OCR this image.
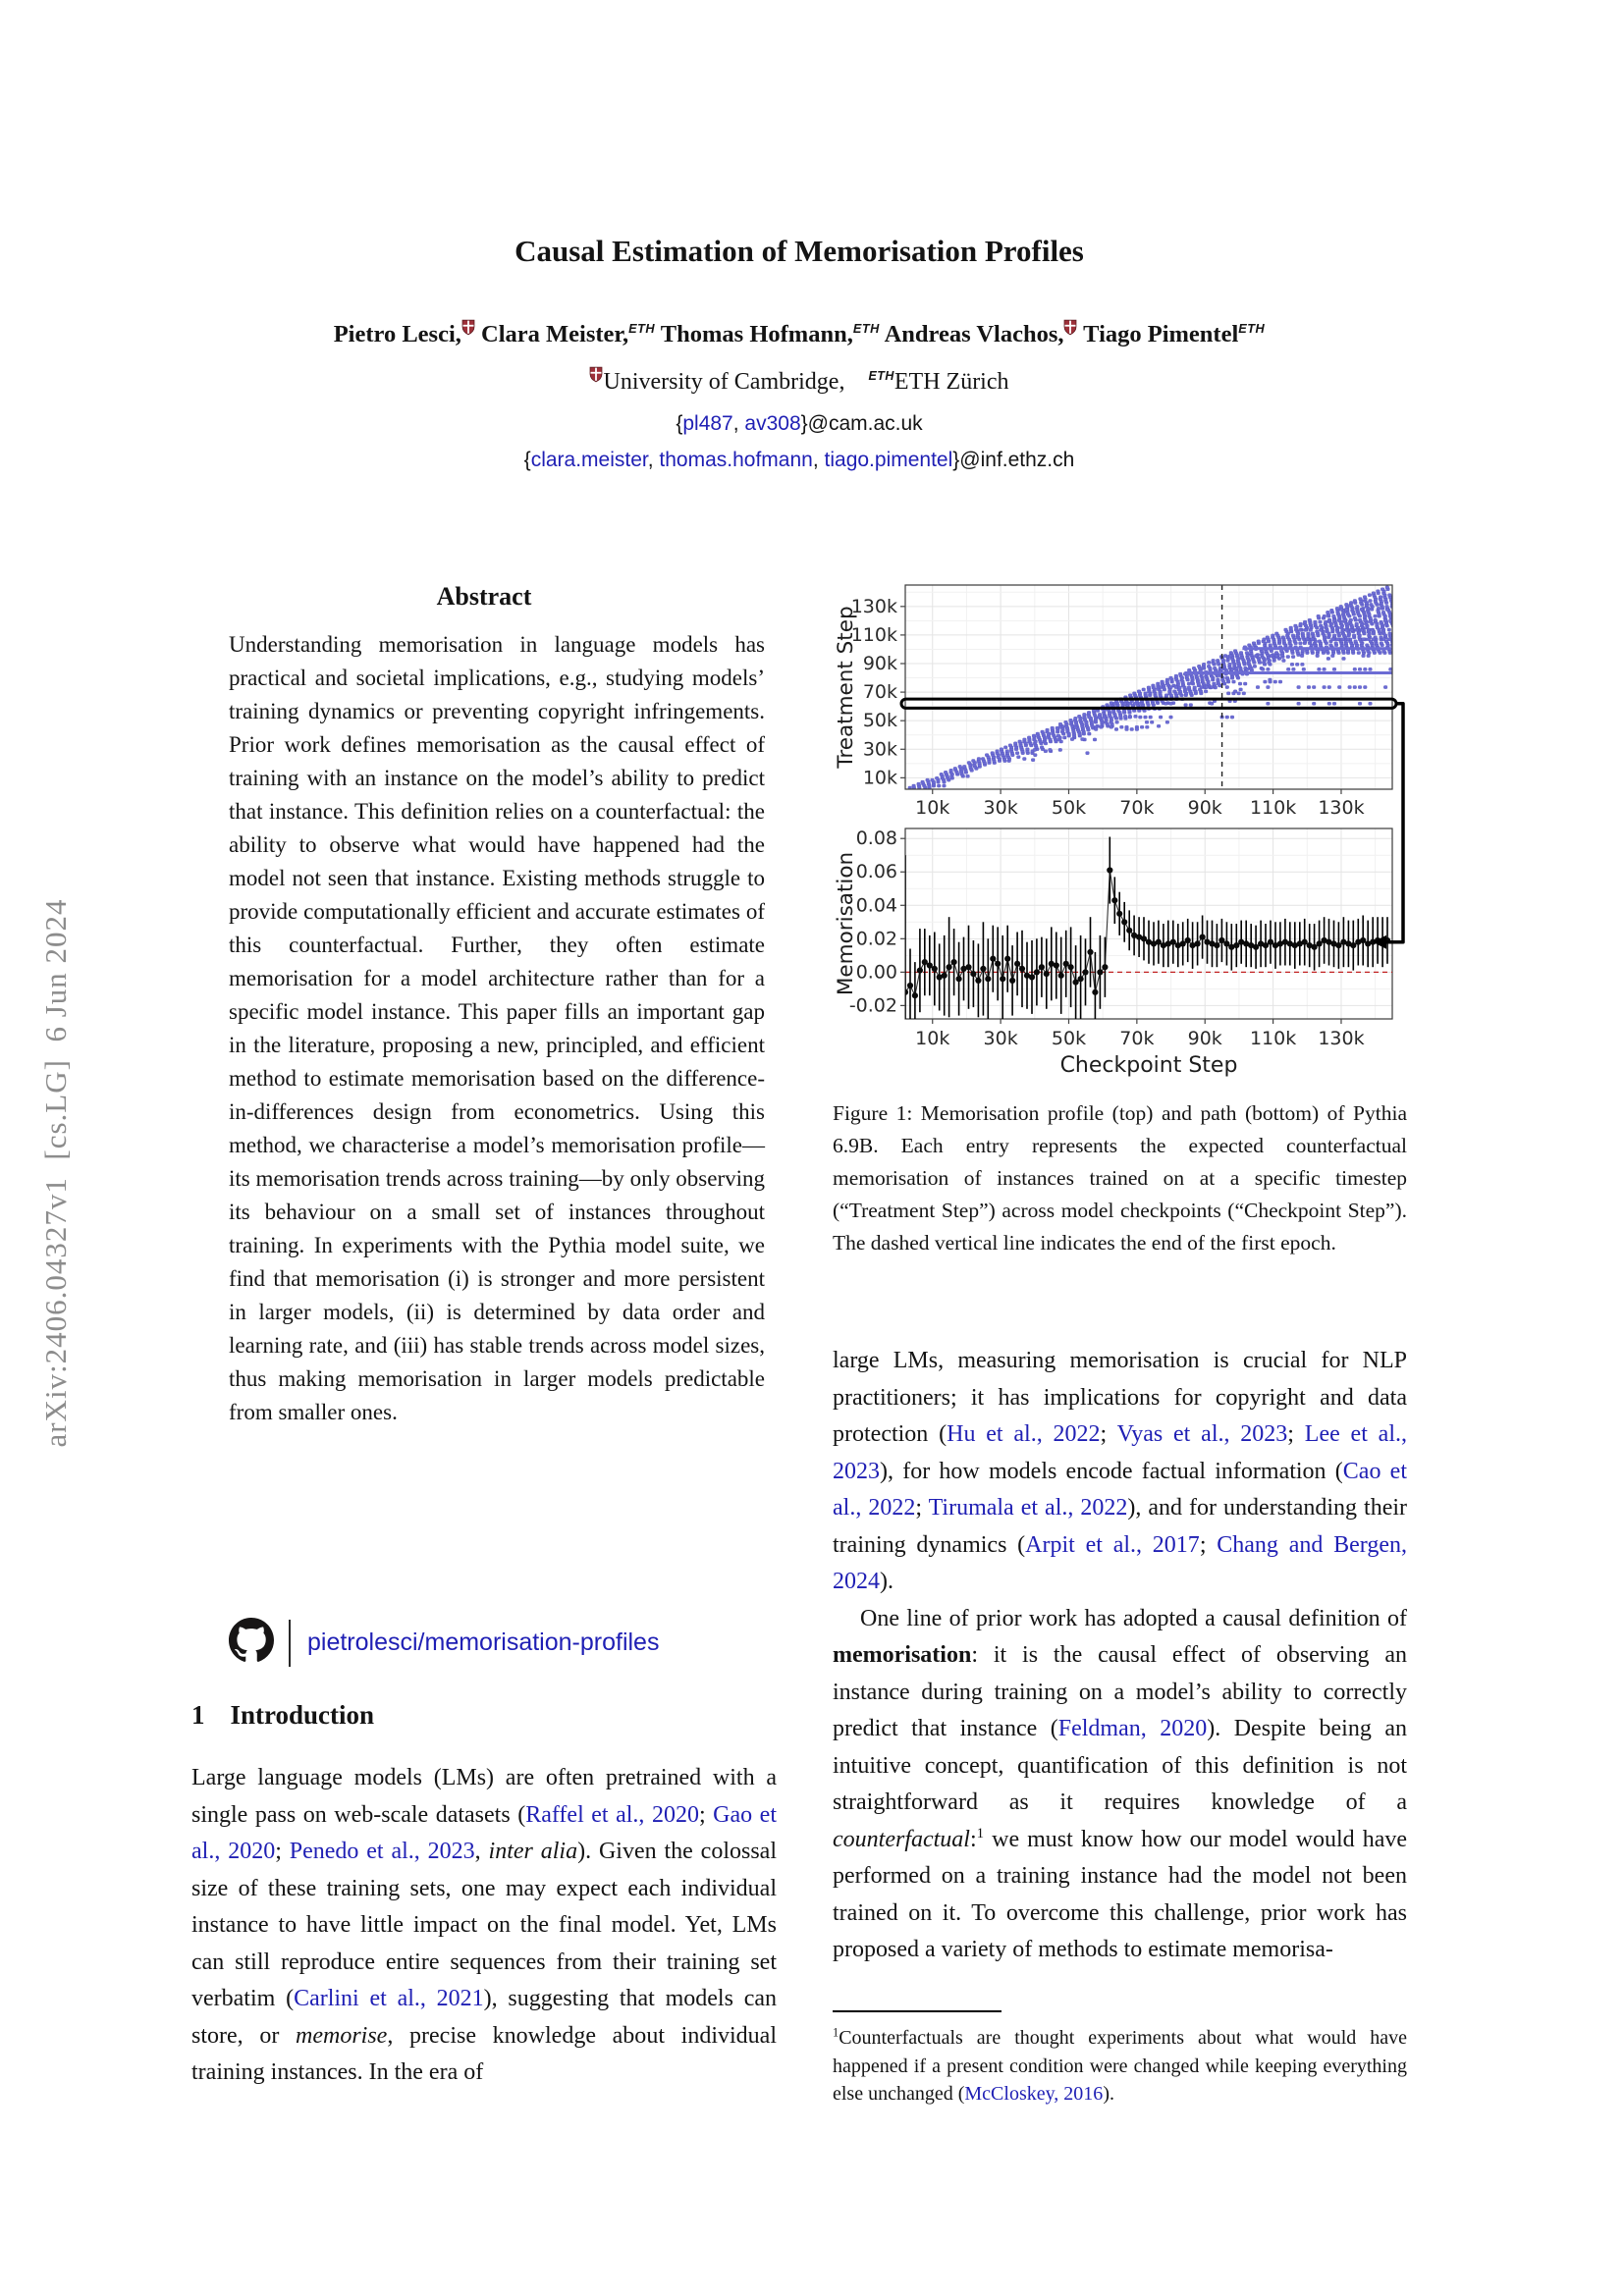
arXiv:2406.04327v1  [cs.LG]  6 Jun 2024
Causal Estimation of Memorisation Profiles
Pietro Lesci, Clara Meister,$^{ETH}$ Thomas Hofmann,$^{ETH}$ Andreas Vlachos, Tiago Pimentel$^{ETH}$
University of Cambridge,  $^{ETH}$ETH Zürich
{pl487, av308}@cam.ac.uk
{clara.meister, thomas.hofmann, tiago.pimentel}@inf.ethz.ch
Abstract
Understanding memorisation in language models has practical and societal implications, e.g., studying models’ training dynamics or preventing copyright infringements. Prior work defines memorisation as the causal effect of training with an instance on the model’s ability to predict that instance. This definition relies on a counterfactual: the ability to observe what would have happened had the model not seen that instance. Existing methods struggle to provide computationally efficient and accurate estimates of this counterfactual. Further, they often estimate memorisation for a model architecture rather than for a specific model instance. This paper fills an important gap in the literature, proposing a new, principled, and efficient method to estimate memorisation based on the difference-in-differences design from econometrics. Using this method, we characterise a model’s memorisation profile—its memorisation trends across training—by only observing its behaviour on a small set of instances throughout training. In experiments with the Pythia model suite, we find that memorisation (i) is stronger and more persistent in larger models, (ii) is determined by data order and learning rate, and (iii) has stable trends across model sizes, thus making memorisation in larger models predictable from smaller ones.
pietrolesci/memorisation-profiles
1 Introduction
Large language models (LMs) are often pretrained with a single pass on web-scale datasets (Raffel et al., 2020; Gao et al., 2020; Penedo et al., 2023, inter alia). Given the colossal size of these training sets, one may expect each individual instance to have little impact on the final model. Yet, LMs can still reproduce entire sequences from their training set verbatim (Carlini et al., 2021), suggesting that models can store, or memorise, precise knowledge about individual training instances. In the era of
10k 30k 50k 70k 90k 110k 130k
10k
30k
50k
70k
90k
110k
130k
Treatment Step
10k 30k 50k 70k 90k 110k 130k
-0.02
0.00
0.02
0.04
0.06
0.08
Checkpoint Step
Memorisation
Figure 1: Memorisation profile (top) and path (bottom) of Pythia 6.9B. Each entry represents the expected counterfactual memorisation of instances trained on at a specific timestep (“Treatment Step”) across model checkpoints (“Checkpoint Step”). The dashed vertical line indicates the end of the first epoch.
large LMs, measuring memorisation is crucial for NLP practitioners; it has implications for copyright and data protection (Hu et al., 2022; Vyas et al., 2023; Lee et al., 2023), for how models encode factual information (Cao et al., 2022; Tirumala et al., 2022), and for understanding their training dynamics (Arpit et al., 2017; Chang and Bergen, 2024).
One line of prior work has adopted a causal definition of memorisation: it is the causal effect of observing an instance during training on a model’s ability to correctly predict that instance (Feldman, 2020). Despite being an intuitive concept, quantification of this definition is not straightforward as it requires knowledge of a counterfactual:$^1$ we must know how our model would have performed on a training instance had the model not been trained on it. To overcome this challenge, prior work has proposed a variety of methods to estimate memorisa-
$^1$Counterfactuals are thought experiments about what would have happened if a present condition were changed while keeping everything else unchanged (McCloskey, 2016).
